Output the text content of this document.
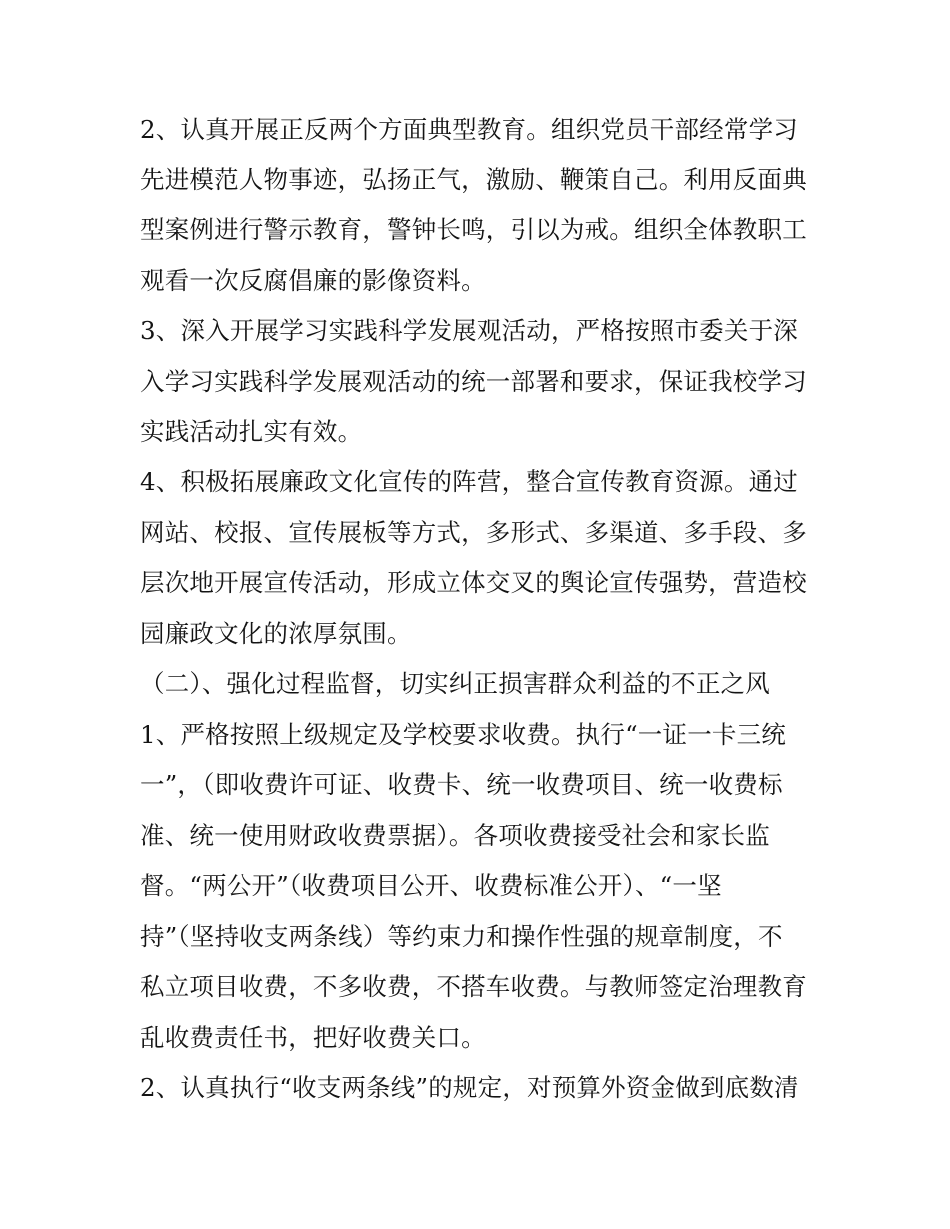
2、认真开展正反两个方面典型教育。组织党员干部经常学习
先进模范人物事迹，弘扬正气，激励、鞭策自己。利用反面典
型案例进行警示教育，警钟长鸣，引以为戒。组织全体教职工
观看一次反腐倡廉的影像资料。
3、深入开展学习实践科学发展观活动，严格按照市委关于深
入学习实践科学发展观活动的统一部署和要求，保证我校学习
实践活动扎实有效。
4、积极拓展廉政文化宣传的阵营，整合宣传教育资源。通过
网站、校报、宣传展板等方式，多形式、多渠道、多手段、多
层次地开展宣传活动，形成立体交叉的舆论宣传强势，营造校
园廉政文化的浓厚氛围。
（二）、强化过程监督，切实纠正损害群众利益的不正之风
1、严格按照上级规定及学校要求收费。执行“一证一卡三统
一”，（即收费许可证、收费卡、统一收费项目、统一收费标
准、统一使用财政收费票据）。各项收费接受社会和家长监
督。“两公开”（收费项目公开、收费标准公开）、“一坚
持”（坚持收支两条线）等约束力和操作性强的规章制度，不
私立项目收费，不多收费，不搭车收费。与教师签定治理教育
乱收费责任书，把好收费关口。
2、认真执行“收支两条线”的规定，对预算外资金做到底数清
